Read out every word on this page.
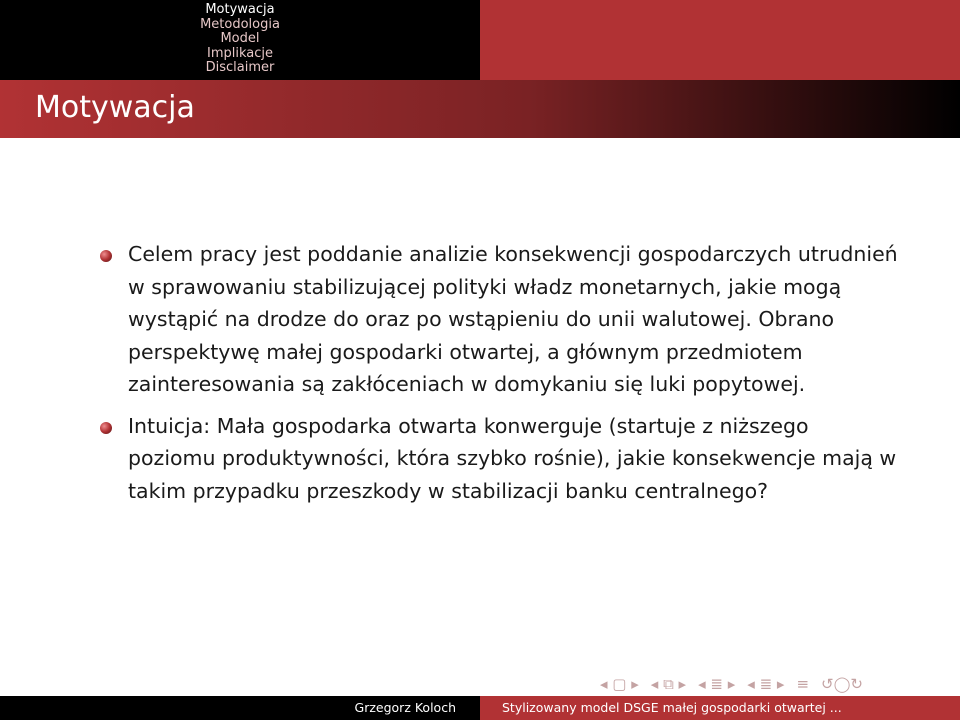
Motywacja
Metodologia
Model
Implikacje
Disclaimer
Motywacja
Celem pracy jest poddanie analizie konsekwencji gospodarczych utrudnień w sprawowaniu stabilizującej polityki władz monetarnych, jakie mogą wystąpić na drodze do oraz po wstąpieniu do unii walutowej. Obrano perspektywę małej gospodarki otwartej, a głównym przedmiotem zainteresowania są zakłóceniach w domykaniu się luki popytowej.
Intuicja: Mała gospodarka otwarta konwerguje (startuje z niższego poziomu produktywności, która szybko rośnie), jakie konsekwencje mają w takim przypadku przeszkody w stabilizacji banku centralnego?
◂ ▢ ▸ ◂ ⧉ ▸ ◂ ≣ ▸ ◂ ≣ ▸ ≡ ↺◯↻
Grzegorz Koloch	Stylizowany model DSGE małej gospodarki otwartej ...
